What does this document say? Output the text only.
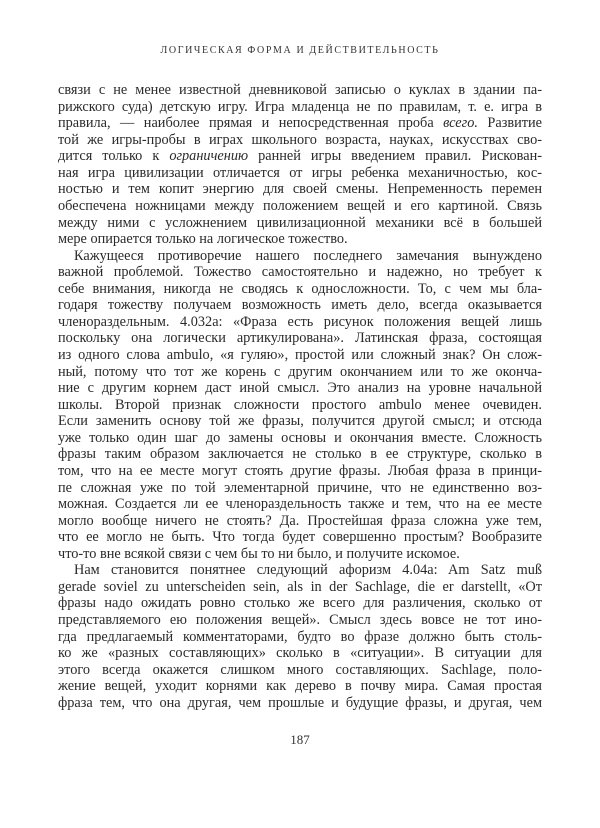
ЛОГИЧЕСКАЯ ФОРМА И ДЕЙСТВИТЕЛЬНОСТЬ
связи с не менее известной дневниковой записью о куклах в здании па-
рижского суда) детскую игру. Игра младенца не по правилам, т. е. игра в
правила, — наиболее прямая и непосредственная проба всего. Развитие
той же игры-пробы в играх школьного возраста, науках, искусствах сво-
дится только к ограничению ранней игры введением правил. Рискован-
ная игра цивилизации отличается от игры ребенка механичностью, кос-
ностью и тем копит энергию для своей смены. Непременность перемен
обеспечена ножницами между положением вещей и его картиной. Связь
между ними с усложнением цивилизационной механики всё в большей
мере опирается только на логическое тожество.
Кажущееся противоречие нашего последнего замечания вынуждено
важной проблемой. Тожество самостоятельно и надежно, но требует к
себе внимания, никогда не сводясь к односложности. То, с чем мы бла-
годаря тожеству получаем возможность иметь дело, всегда оказывается
членораздельным. 4.032a: «Фраза есть рисунок положения вещей лишь
поскольку она логически артикулирована». Латинская фраза, состоящая
из одного слова ambulo, «я гуляю», простой или сложный знак? Он слож-
ный, потому что тот же корень с другим окончанием или то же оконча-
ние с другим корнем даст иной смысл. Это анализ на уровне начальной
школы. Второй признак сложности простого ambulo менее очевиден.
Если заменить основу той же фразы, получится другой смысл; и отсюда
уже только один шаг до замены основы и окончания вместе. Сложность
фразы таким образом заключается не столько в ее структуре, сколько в
том, что на ее месте могут стоять другие фразы. Любая фраза в принци-
пе сложная уже по той элементарной причине, что не единственно воз-
можная. Создается ли ее членораздельность также и тем, что на ее месте
могло вообще ничего не стоять? Да. Простейшая фраза сложна уже тем,
что ее могло не быть. Что тогда будет совершенно простым? Вообразите
что-то вне всякой связи с чем бы то ни было, и получите искомое.
Нам становится понятнее следующий афоризм 4.04a: Am Satz muß
gerade soviel zu unterscheiden sein, als in der Sachlage, die er darstellt, «От
фразы надо ожидать ровно столько же всего для различения, сколько от
представляемого ею положения вещей». Смысл здесь вовсе не тот ино-
гда предлагаемый комментаторами, будто во фразе должно быть столь-
ко же «разных составляющих» сколько в «ситуации». В ситуации для
этого всегда окажется слишком много составляющих. Sachlage, поло-
жение вещей, уходит корнями как дерево в почву мира. Самая простая
фраза тем, что она другая, чем прошлые и будущие фразы, и другая, чем
187
